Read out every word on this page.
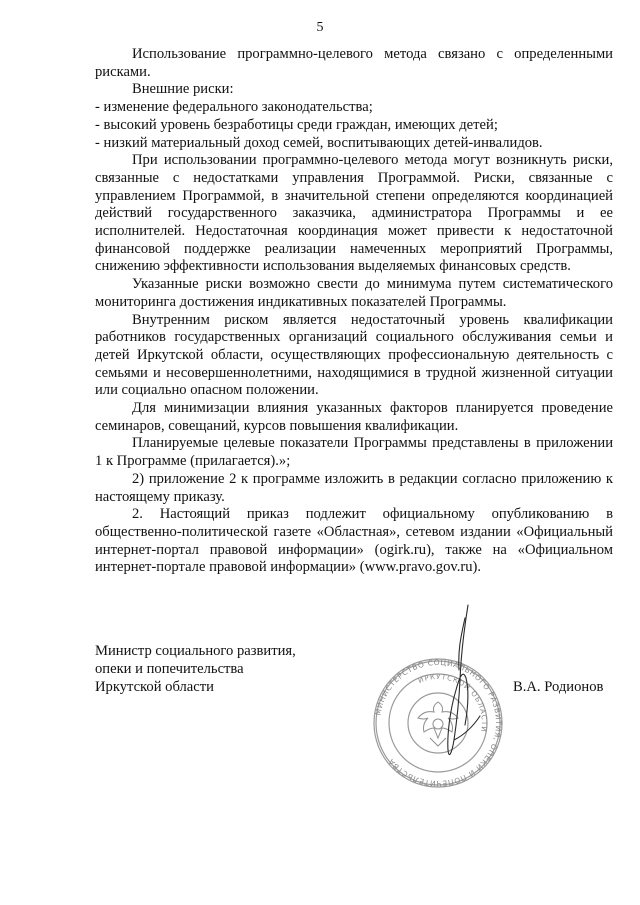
5

Использование программно-целевого метода связано с определенными рисками.

Внешние риски:

- изменение федерального законодательства;

- высокий уровень безработицы среди граждан, имеющих детей;

- низкий материальный доход семей, воспитывающих детей-инвалидов.

При использовании программно-целевого метода могут возникнуть риски, связанные с недостатками управления Программой. Риски, связанные с управлением Программой, в значительной степени определяются координацией действий государственного заказчика, администратора Программы и ее исполнителей. Недостаточная координация может привести к недостаточной финансовой поддержке реализации намеченных мероприятий Программы, снижению эффективности использования выделяемых финансовых средств.

Указанные риски возможно свести до минимума путем систематического мониторинга достижения индикативных показателей Программы.

Внутренним риском является недостаточный уровень квалификации работников государственных организаций социального обслуживания семьи и детей Иркутской области, осуществляющих профессиональную деятельность с семьями и несовершеннолетними, находящимися в трудной жизненной ситуации или социально опасном положении.

Для минимизации влияния указанных факторов планируется проведение семинаров, совещаний, курсов повышения квалификации.

Планируемые целевые показатели Программы представлены в приложении 1 к Программе (прилагается).»;

2) приложение 2 к программе изложить в редакции согласно приложению к настоящему приказу.

2. Настоящий приказ подлежит официальному опубликованию в общественно-политической газете «Областная», сетевом издании «Официальный интернет-портал правовой информации» (ogirk.ru), также на «Официальном интернет-портале правовой информации» (www.pravo.gov.ru).

Министр социального развития,
опеки и попечительства
Иркутской области	В.А. Родионов
МИНИСТЕРСТВО СОЦИАЛЬНОГО РАЗВИТИЯ, ОПЕКИ И ПОПЕЧИТЕЛЬСТВА
ИРКУТСКОЙ ОБЛАСТИ
